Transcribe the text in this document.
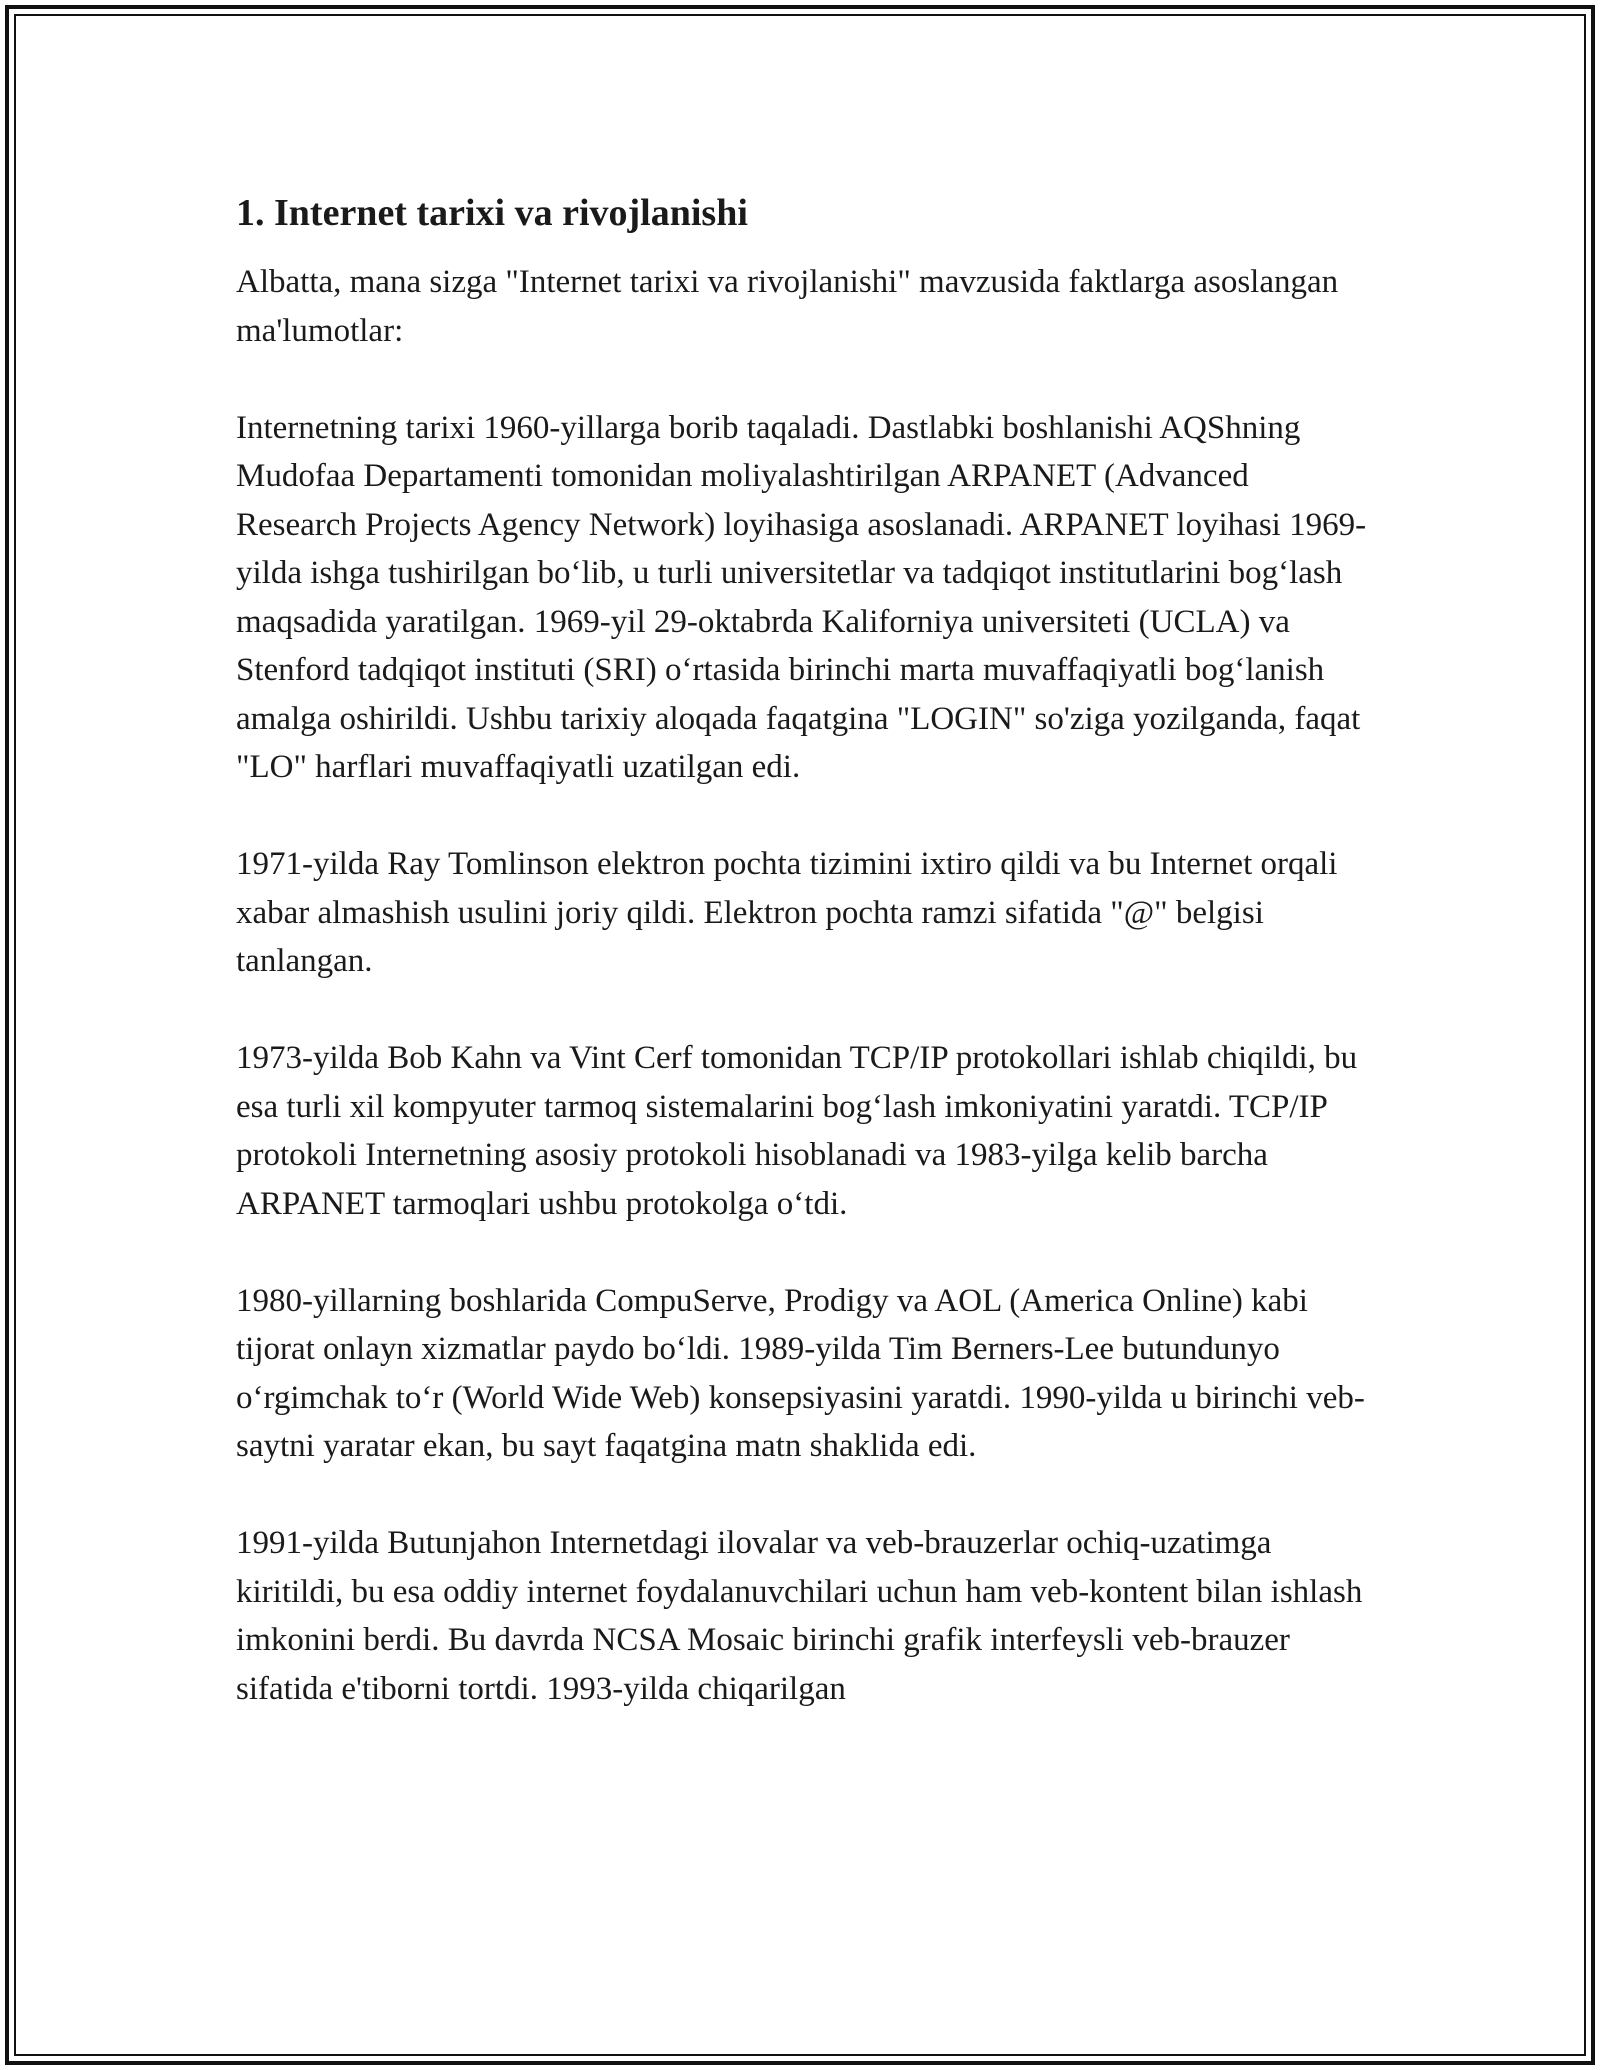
1. Internet tarixi va rivojlanishi

Albatta, mana sizga "Internet tarixi va rivojlanishi" mavzusida faktlarga asoslangan ma'lumotlar:

Internetning tarixi 1960-yillarga borib taqaladi. Dastlabki boshlanishi AQShning Mudofaa Departamenti tomonidan moliyalashtirilgan ARPANET (Advanced Research Projects Agency Network) loyihasiga asoslanadi. ARPANET loyihasi 1969-yilda ishga tushirilgan bo‘lib, u turli universitetlar va tadqiqot institutlarini bog‘lash maqsadida yaratilgan. 1969-yil 29-oktabrda Kaliforniya universiteti (UCLA) va Stenford tadqiqot instituti (SRI) o‘rtasida birinchi marta muvaffaqiyatli bog‘lanish amalga oshirildi. Ushbu tarixiy aloqada faqatgina "LOGIN" so'ziga yozilganda, faqat "LO" harflari muvaffaqiyatli uzatilgan edi.

1971-yilda Ray Tomlinson elektron pochta tizimini ixtiro qildi va bu Internet orqali xabar almashish usulini joriy qildi. Elektron pochta ramzi sifatida "@" belgisi tanlangan.

1973-yilda Bob Kahn va Vint Cerf tomonidan TCP/IP protokollari ishlab chiqildi, bu esa turli xil kompyuter tarmoq sistemalarini bog‘lash imkoniyatini yaratdi. TCP/IP protokoli Internetning asosiy protokoli hisoblanadi va 1983-yilga kelib barcha ARPANET tarmoqlari ushbu protokolga o‘tdi.

1980-yillarning boshlarida CompuServe, Prodigy va AOL (America Online) kabi tijorat onlayn xizmatlar paydo bo‘ldi. 1989-yilda Tim Berners-Lee butundunyo o‘rgimchak to‘r (World Wide Web) konsepsiyasini yaratdi. 1990-yilda u birinchi veb-saytni yaratar ekan, bu sayt faqatgina matn shaklida edi.

1991-yilda Butunjahon Internetdagi ilovalar va veb-brauzerlar ochiq-uzatimga kiritildi, bu esa oddiy internet foydalanuvchilari uchun ham veb-kontent bilan ishlash imkonini berdi. Bu davrda NCSA Mosaic birinchi grafik interfeysli veb-brauzer sifatida e'tiborni tortdi. 1993-yilda chiqarilgan
